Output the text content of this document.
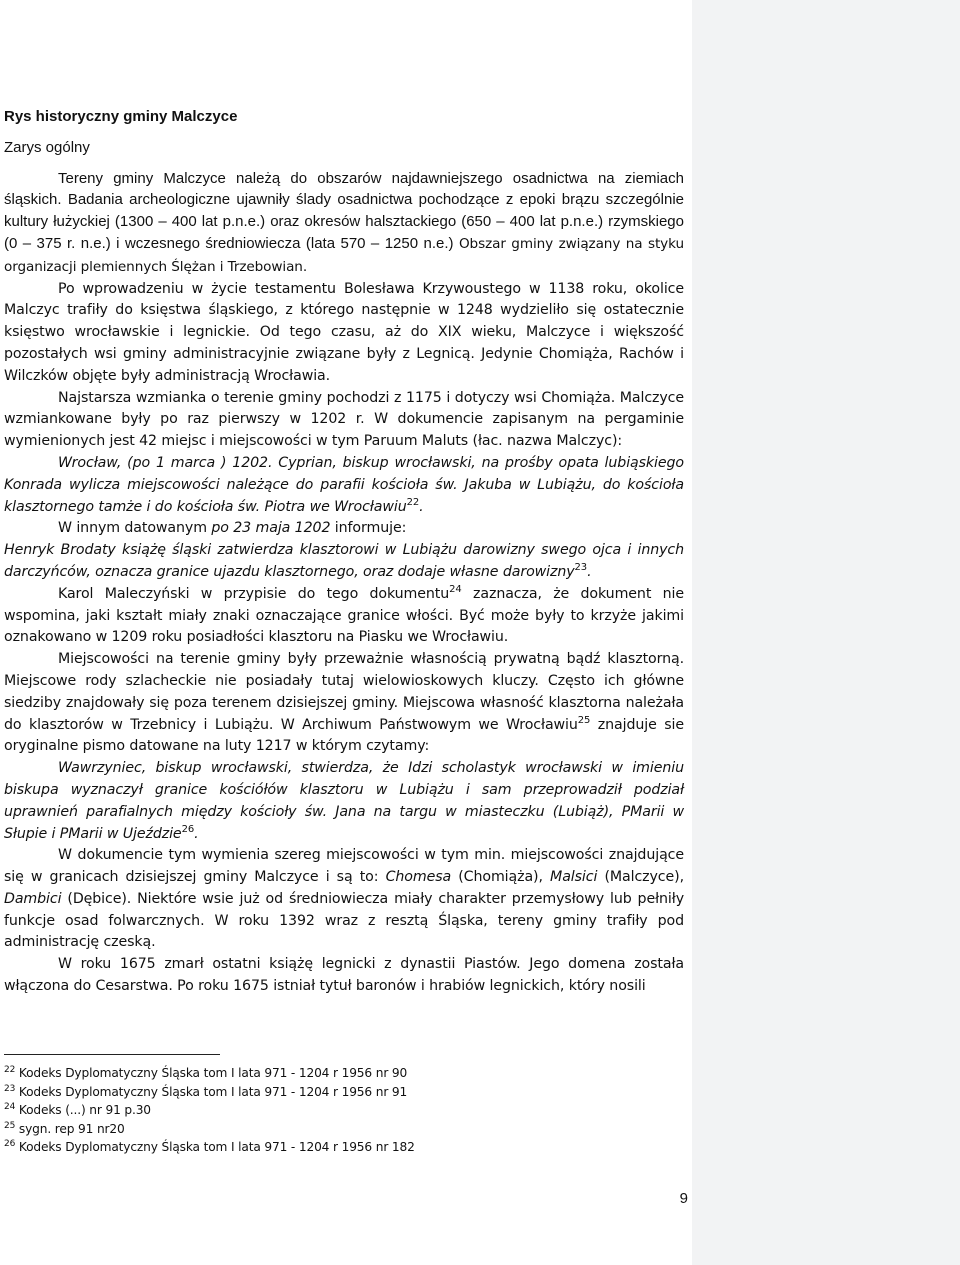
Rys historyczny gminy Malczyce

Zarys ogólny

Tereny gminy Malczyce należą do obszarów najdawniejszego osadnictwa na ziemiach śląskich. Badania archeologiczne ujawniły ślady osadnictwa pochodzące z epoki brązu szczególnie kultury łużyckiej (1300 – 400 lat p.n.e.) oraz okresów halsztackiego (650 – 400 lat p.n.e.) rzymskiego (0 – 375 r. n.e.) i wczesnego średniowiecza (lata 570 – 1250 n.e.) Obszar gminy związany na styku organizacji plemiennych Ślężan i Trzebowian.

Po wprowadzeniu w życie testamentu Bolesława Krzywoustego w 1138 roku, okolice Malczyc trafiły do księstwa śląskiego, z którego następnie w 1248 wydzieliło się ostatecznie księstwo wrocławskie i legnickie. Od tego czasu, aż do XIX wieku, Malczyce i większość pozostałych wsi gminy administracyjnie związane były z Legnicą. Jedynie Chomiąża, Rachów i Wilczków objęte były administracją Wrocławia.

Najstarsza wzmianka o terenie gminy pochodzi z 1175 i dotyczy wsi Chomiąża. Malczyce wzmiankowane były po raz pierwszy w 1202 r. W dokumencie zapisanym na pergaminie wymienionych jest 42 miejsc i miejscowości w tym Paruum Maluts (łac. nazwa Malczyc):

Wrocław, (po 1 marca ) 1202. Cyprian, biskup wrocławski, na prośby opata lubiąskiego Konrada wylicza miejscowości należące do parafii kościoła św. Jakuba w Lubiążu, do kościoła klasztornego tamże i do kościoła św. Piotra we Wrocławiu$^{22}$.

W innym datowanym po 23 maja 1202 informuje:

Henryk Brodaty książę śląski zatwierdza klasztorowi w Lubiążu darowizny swego ojca i innych darczyńców, oznacza granice ujazdu klasztornego, oraz dodaje własne darowizny$^{23}$.

Karol Maleczyński w przypisie do tego dokumentu$^{24}$ zaznacza, że dokument nie wspomina, jaki kształt miały znaki oznaczające granice włości. Być może były to krzyże jakimi oznakowano w 1209 roku posiadłości klasztoru na Piasku we Wrocławiu.

Miejscowości na terenie gminy były przeważnie własnością prywatną bądź klasztorną. Miejscowe rody szlacheckie nie posiadały tutaj wielowioskowych kluczy. Często ich główne siedziby znajdowały się poza terenem dzisiejszej gminy. Miejscowa własność klasztorna należała do klasztorów w Trzebnicy i Lubiążu. W Archiwum Państwowym we Wrocławiu$^{25}$ znajduje sie oryginalne pismo datowane na luty 1217 w którym czytamy:

Wawrzyniec, biskup wrocławski, stwierdza, że Idzi scholastyk wrocławski w imieniu biskupa wyznaczył granice kościółów klasztoru w Lubiążu i sam przeprowadził podział uprawnień parafialnych między kościoły św. Jana na targu w miasteczku (Lubiąż), PMarii w Słupie i PMarii w Ujeździe$^{26}$.

W dokumencie tym wymienia szereg miejscowości w tym min. miejscowości znajdujące się w granicach dzisiejszej gminy Malczyce i są to: Chomesa (Chomiąża), Malsici (Malczyce), Dambici (Dębice). Niektóre wsie już od średniowiecza miały charakter przemysłowy lub pełniły funkcje osad folwarcznych. W roku 1392 wraz z resztą Śląska, tereny gminy trafiły pod administrację czeską.

W roku 1675 zmarł ostatni książę legnicki z dynastii Piastów. Jego domena została włączona do Cesarstwa. Po roku 1675 istniał tytuł baronów i hrabiów legnickich, który nosili

$^{22}$ Kodeks Dyplomatyczny Śląska tom I lata 971 - 1204 r 1956 nr 90
$^{23}$ Kodeks Dyplomatyczny Śląska tom I lata 971 - 1204 r 1956 nr 91
$^{24}$ Kodeks (...) nr 91 p.30
$^{25}$ sygn. rep 91 nr20
$^{26}$ Kodeks Dyplomatyczny Śląska tom I lata 971 - 1204 r 1956 nr 182
9
